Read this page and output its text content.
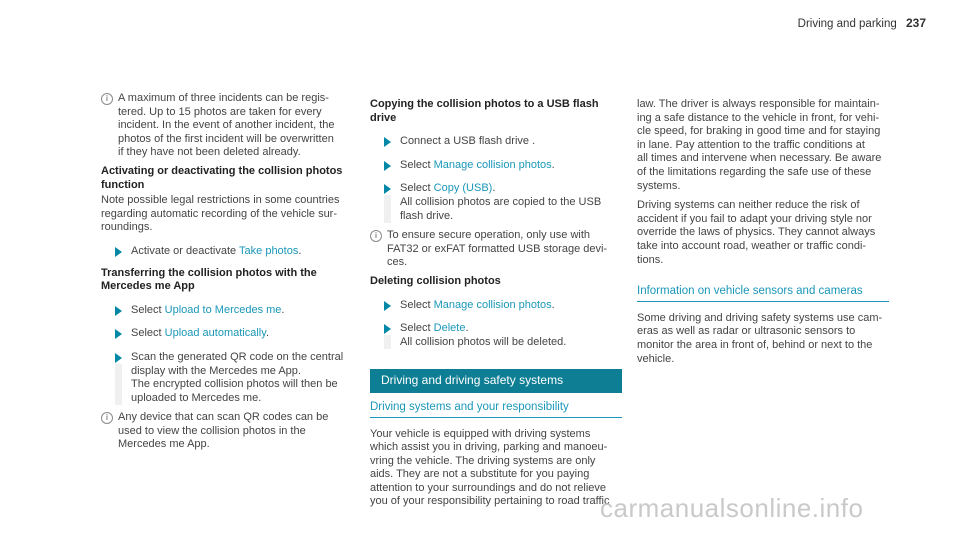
Driving and parking 237
i A maximum of three incidents can be regis-
tered. Up to 15 photos are taken for every
incident. In the event of another incident, the
photos of the first incident will be overwritten
if they have not been deleted already.
Activating or deactivating the collision photos
function
Note possible legal restrictions in some countries
regarding automatic recording of the vehicle sur-
roundings.
Activate or deactivate Take photos.
Transferring the collision photos with the
Mercedes me App
Select Upload to Mercedes me.
Select Upload automatically.
Scan the generated QR code on the central
display with the Mercedes me App.
The encrypted collision photos will then be
uploaded to Mercedes me.
i Any device that can scan QR codes can be
used to view the collision photos in the
Mercedes me App.
Copying the collision photos to a USB flash drive
Connect a USB flash drive .
Select Manage collision photos.
Select Copy (USB).
All collision photos are copied to the USB
flash drive.
i To ensure secure operation, only use with
FAT32 or exFAT formatted USB storage devi-
ces.
Deleting collision photos
Select Manage collision photos.
Select Delete.
All collision photos will be deleted.
Driving and driving safety systems
Driving systems and your responsibility
Your vehicle is equipped with driving systems
which assist you in driving, parking and manoeu-
vring the vehicle. The driving systems are only
aids. They are not a substitute for you paying
attention to your surroundings and do not relieve
you of your responsibility pertaining to road traffic
law. The driver is always responsible for maintain-
ing a safe distance to the vehicle in front, for vehi-
cle speed, for braking in good time and for staying
in lane. Pay attention to the traffic conditions at
all times and intervene when necessary. Be aware
of the limitations regarding the safe use of these
systems.
Driving systems can neither reduce the risk of
accident if you fail to adapt your driving style nor
override the laws of physics. They cannot always
take into account road, weather or traffic condi-
tions.
Information on vehicle sensors and cameras
Some driving and driving safety systems use cam-
eras as well as radar or ultrasonic sensors to
monitor the area in front of, behind or next to the
vehicle.
carmanualsonline.info
